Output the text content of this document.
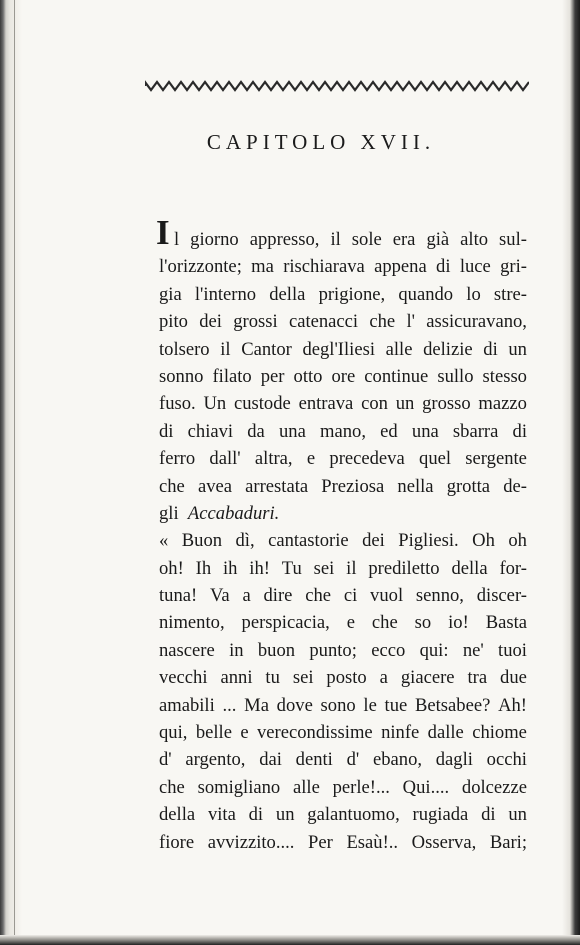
CAPITOLO XVII.
l giorno appresso, il sole era già alto sul-
I
l'orizzonte; ma rischiarava appena di luce gri-
gia l'interno della prigione, quando lo stre-
pito dei grossi catenacci che l' assicuravano,
tolsero il Cantor degl'Iliesi alle delizie di un
sonno filato per otto ore continue sullo stesso
fuso. Un custode entrava con un grosso mazzo
di chiavi da una mano, ed una sbarra di
ferro dall' altra, e precedeva quel sergente
che avea arrestata Preziosa nella grotta de-
gli Accabaduri.
« Buon dì, cantastorie dei Pigliesi. Oh oh
oh! Ih ih ih! Tu sei il prediletto della for-
tuna! Va a dire che ci vuol senno, discer-
nimento, perspicacia, e che so io! Basta
nascere in buon punto; ecco qui: ne' tuoi
vecchi anni tu sei posto a giacere tra due
amabili ... Ma dove sono le tue Betsabee? Ah!
qui, belle e verecondissime ninfe dalle chiome
d' argento, dai denti d' ebano, dagli occhi
che somigliano alle perle!... Qui.... dolcezze
della vita di un galantuomo, rugiada di un
fiore avvizzito.... Per Esaù!.. Osserva, Bari;
